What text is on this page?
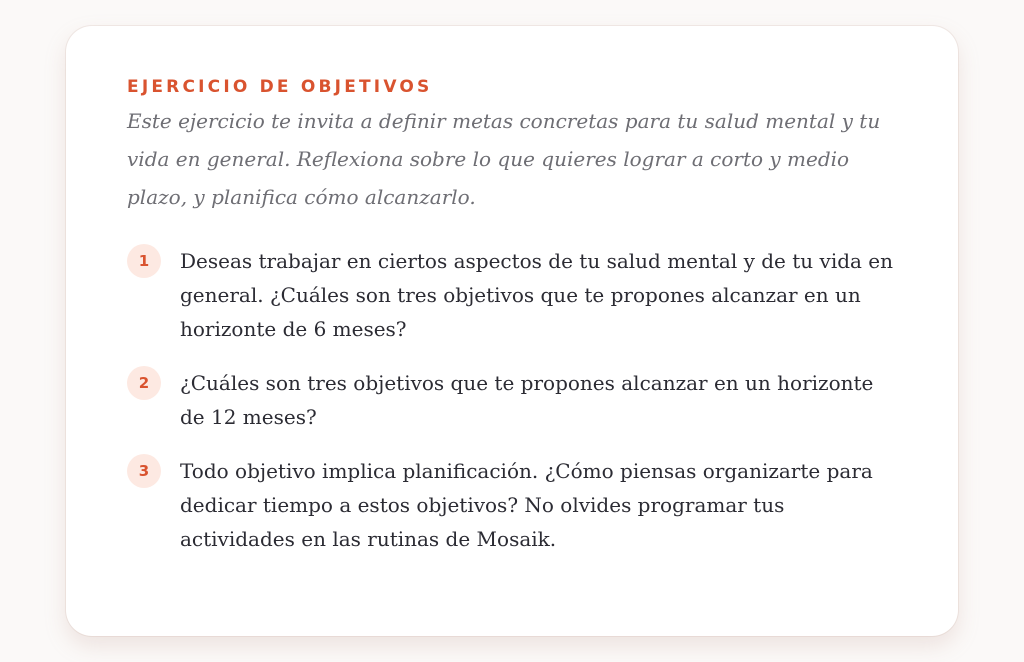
EJERCICIO DE OBJETIVOS

Este ejercicio te invita a definir metas concretas para tu salud mental y tu vida en general. Reflexiona sobre lo que quieres lograr a corto y medio plazo, y planifica cómo alcanzarlo.

1	Deseas trabajar en ciertos aspectos de tu salud mental y de tu vida en general. ¿Cuáles son tres objetivos que te propones alcanzar en un horizonte de 6 meses?
2	¿Cuáles son tres objetivos que te propones alcanzar en un horizonte de 12 meses?
3	Todo objetivo implica planificación. ¿Cómo piensas organizarte para dedicar tiempo a estos objetivos? No olvides programar tus actividades en las rutinas de Mosaik.
